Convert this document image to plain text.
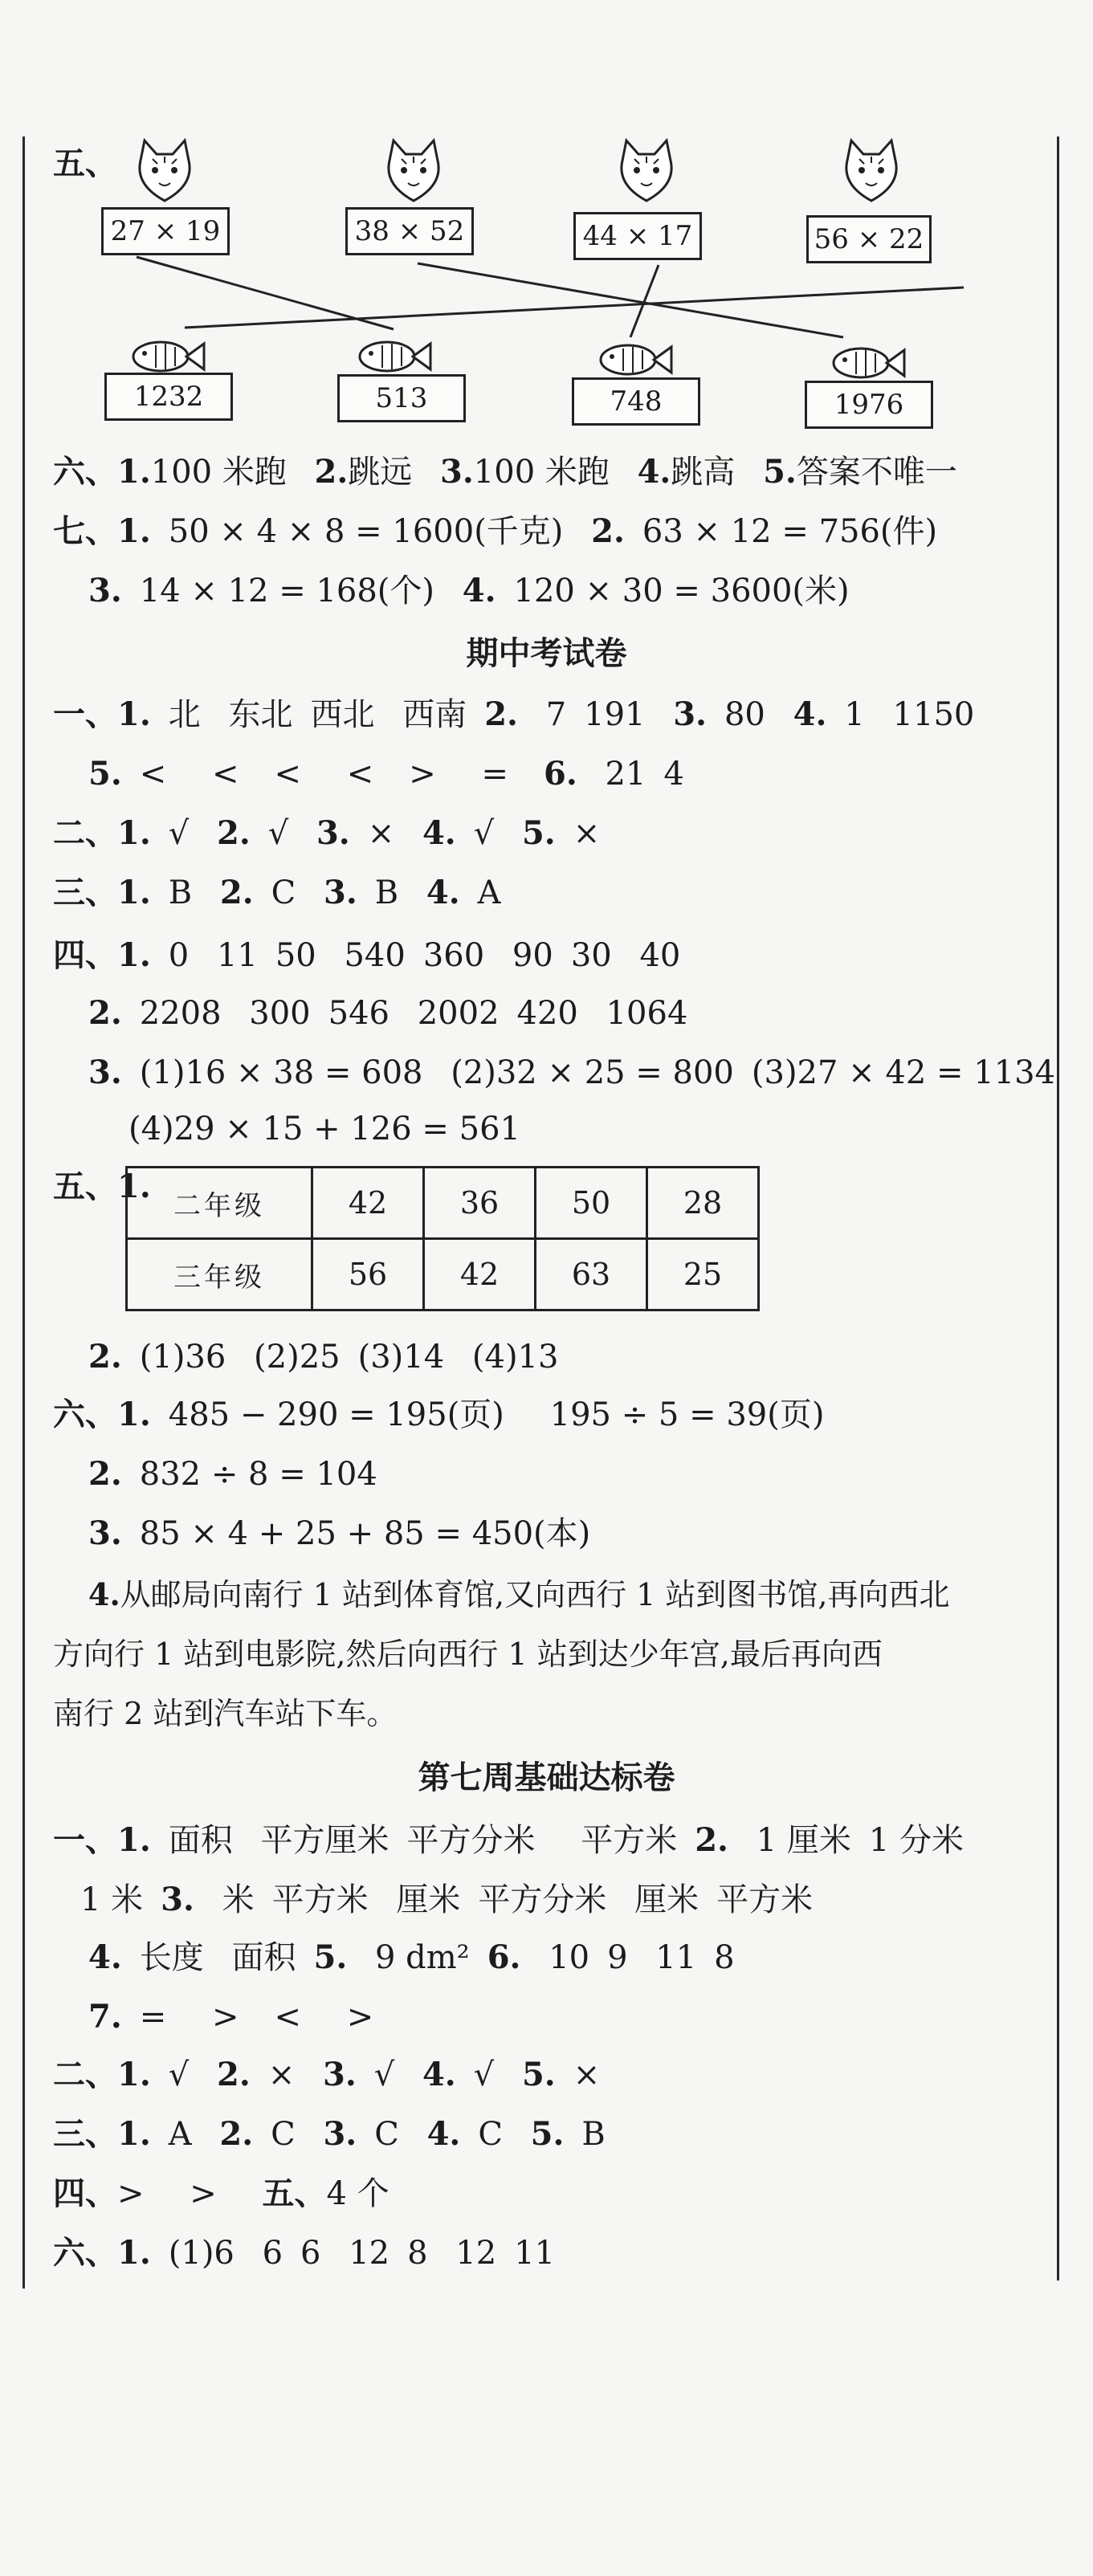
五、
27 × 19	38 × 52	44 × 17	56 × 22
1232	513	748	1976
六、1.100 米跑 2.跳远 3.100 米跑 4.跳高 5.答案不唯一
七、1. 50 × 4 × 8 = 1600(千克) 2. 63 × 12 = 756(件)
3. 14 × 12 = 168(个) 4. 120 × 30 = 3600(米)
期中考试卷
一、1. 北 东北 西北 西南 2. 7 191 3. 80 4. 1 1150
5. < < < < > = 6. 21 4
二、1. √ 2. √ 3. × 4. √ 5. ×
三、1. B 2. C 3. B 4. A
四、1. 0 11 50 540 360 90 30 40
2. 2208 300 546 2002 420 1064
3. (1)16 × 38 = 608 (2)32 × 25 = 800 (3)27 × 42 = 1134
(4)29 × 15 + 126 = 561
五、1.
二年级	42	36	50	28
三年级	56	42	63	25
2. (1)36 (2)25 (3)14 (4)13
六、1. 485 − 290 = 195(页) 195 ÷ 5 = 39(页)
2. 832 ÷ 8 = 104
3. 85 × 4 + 25 + 85 = 450(本)
4.从邮局向南行 1 站到体育馆,又向西行 1 站到图书馆,再向西北
方向行 1 站到电影院,然后向西行 1 站到达少年宫,最后再向西
南行 2 站到汽车站下车。
第七周基础达标卷
一、1. 面积 平方厘米 平方分米 平方米 2. 1 厘米 1 分米
1 米 3. 米 平方米 厘米 平方分米 厘米 平方米
4. 长度 面积 5. 9 dm² 6. 10 9 11 8
7. = > < >
二、1. √ 2. × 3. √ 4. √ 5. ×
三、1. A 2. C 3. C 4. C 5. B
四、> > 五、4 个
六、1. (1)6 6 6 12 8 12 11
